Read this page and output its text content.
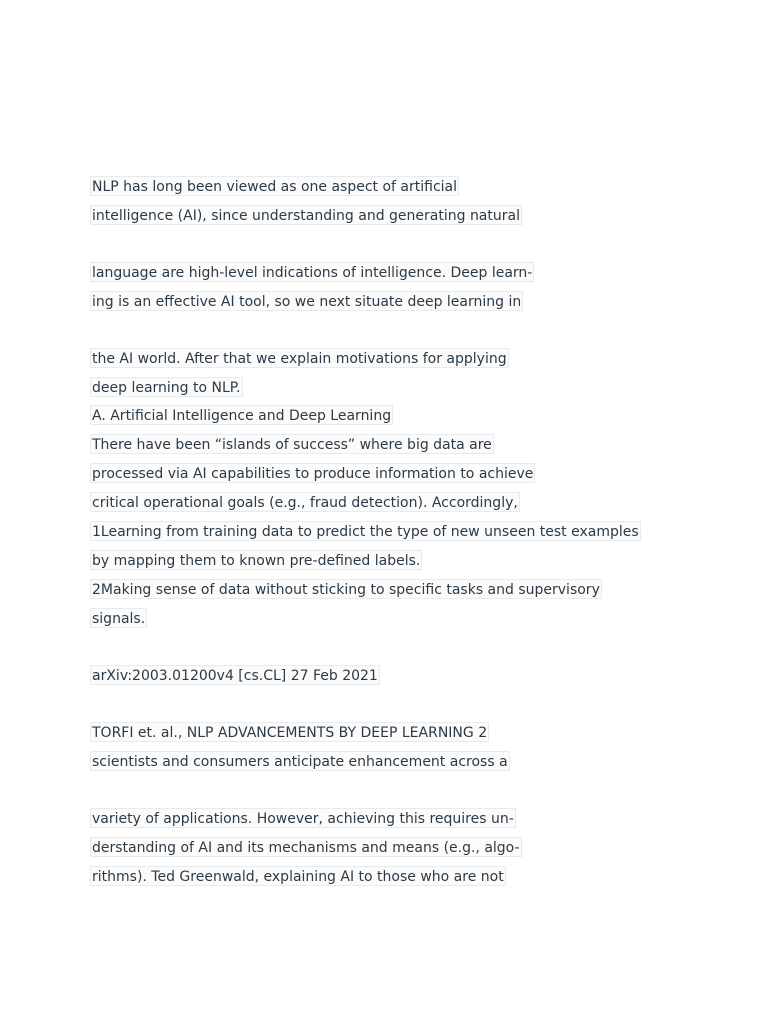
NLP has long been viewed as one aspect of artificial
intelligence (AI), since understanding and generating natural
language are high-level indications of intelligence. Deep learn-
ing is an effective AI tool, so we next situate deep learning in
the AI world. After that we explain motivations for applying
deep learning to NLP.
A. Artificial Intelligence and Deep Learning
There have been “islands of success” where big data are
processed via AI capabilities to produce information to achieve
critical operational goals (e.g., fraud detection). Accordingly,
1Learning from training data to predict the type of new unseen test examples
by mapping them to known pre-defined labels.
2Making sense of data without sticking to specific tasks and supervisory
signals.
arXiv:2003.01200v4 [cs.CL] 27 Feb 2021
TORFI et. al., NLP ADVANCEMENTS BY DEEP LEARNING 2
scientists and consumers anticipate enhancement across a
variety of applications. However, achieving this requires un-
derstanding of AI and its mechanisms and means (e.g., algo-
rithms). Ted Greenwald, explaining AI to those who are not
